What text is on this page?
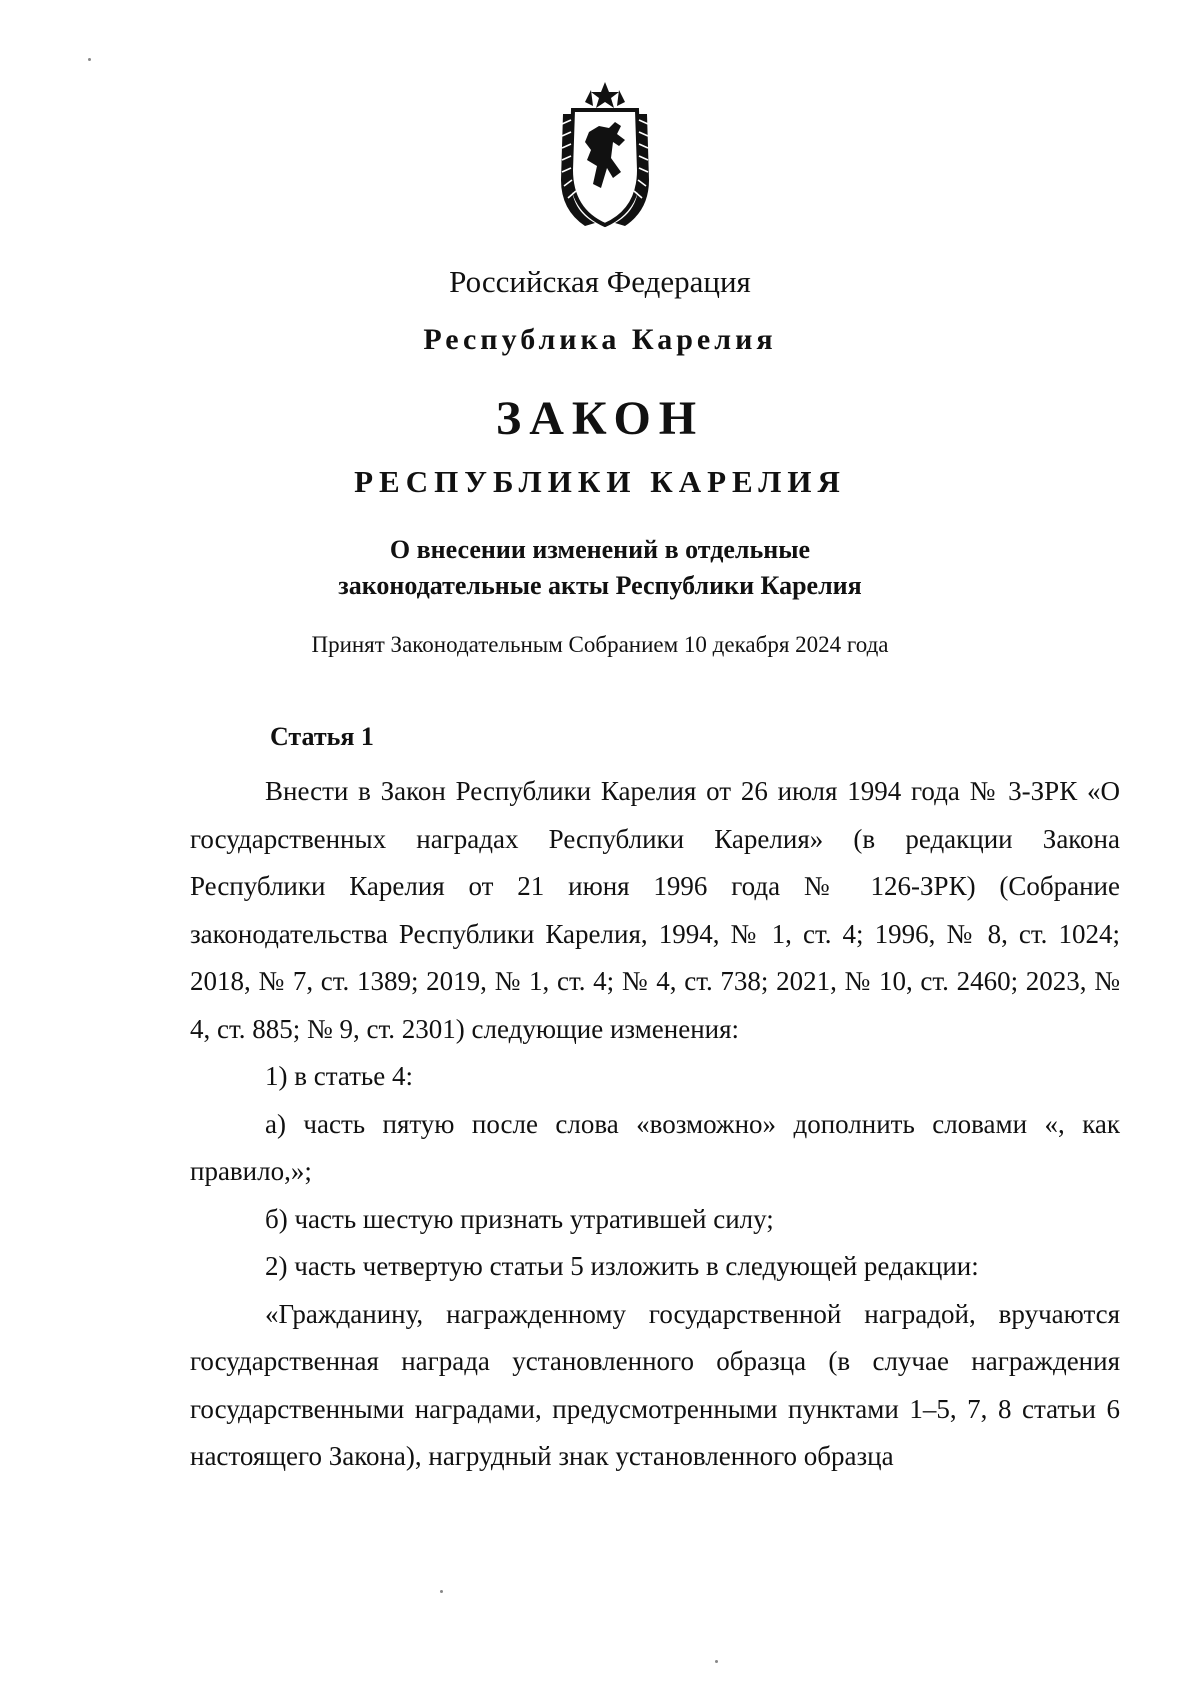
Российская Федерация
Республика Карелия
ЗАКОН
РЕСПУБЛИКИ КАРЕЛИЯ
О внесении изменений в отдельные
законодательные акты Республики Карелия
Принят Законодательным Собранием 10 декабря 2024 года
Статья 1

Внести в Закон Республики Карелия от 26 июля 1994 года № 3-ЗРК «О государственных наградах Республики Карелия» (в редакции Закона Республики Карелия от 21 июня 1996 года № 126-ЗРК) (Собрание законодательства Республики Карелия, 1994, № 1, ст. 4; 1996, № 8, ст. 1024; 2018, № 7, ст. 1389; 2019, № 1, ст. 4; № 4, ст. 738; 2021, № 10, ст. 2460; 2023, № 4, ст. 885; № 9, ст. 2301) следующие изменения:

1) в статье 4:

а) часть пятую после слова «возможно» дополнить словами «, как правило,»;

б) часть шестую признать утратившей силу;

2) часть четвертую статьи 5 изложить в следующей редакции:

«Гражданину, награжденному государственной наградой, вручаются государственная награда установленного образца (в случае награждения государственными наградами, предусмотренными пунктами 1–5, 7, 8 статьи 6 настоящего Закона), нагрудный знак установленного образца
